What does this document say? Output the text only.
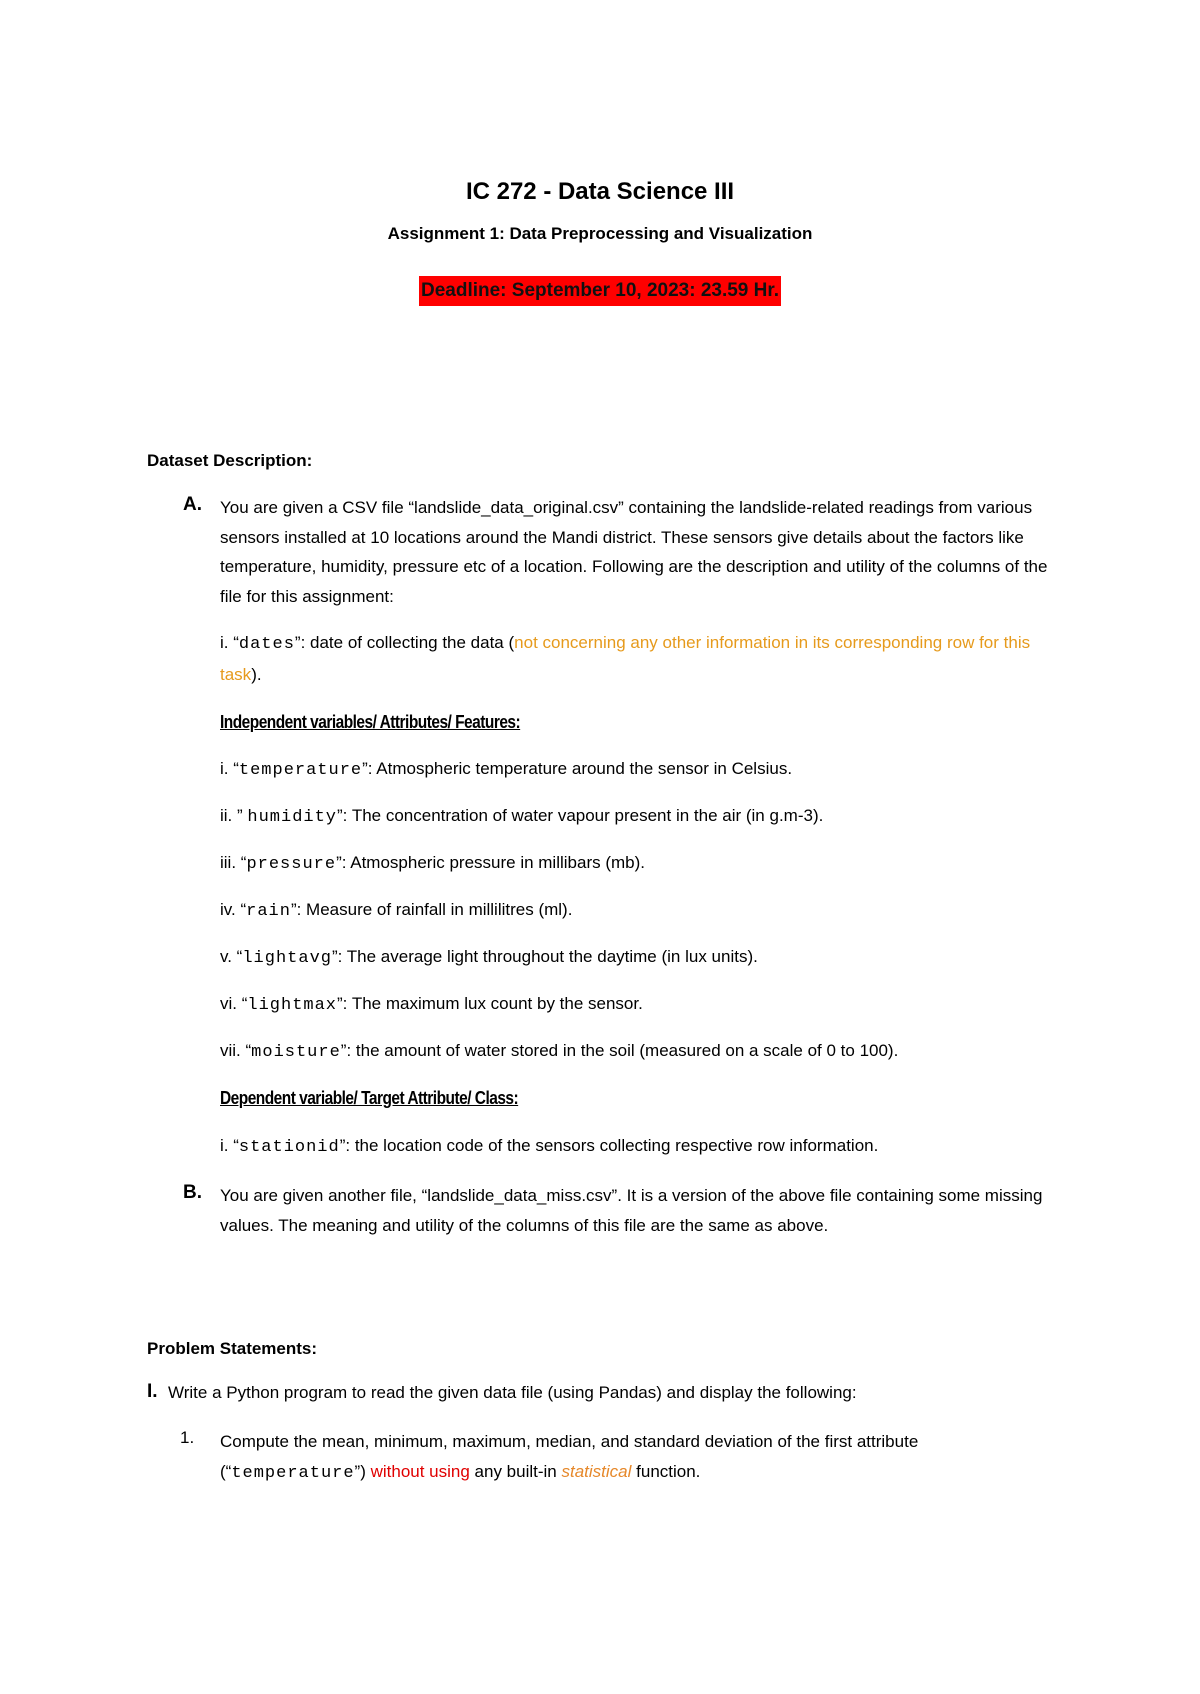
IC 272 - Data Science III
Assignment 1: Data Preprocessing and Visualization
Deadline: September 10, 2023: 23.59 Hr.
Dataset Description:
A. You are given a CSV file “landslide_data_original.csv” containing the landslide-related readings from various sensors installed at 10 locations around the Mandi district. These sensors give details about the factors like temperature, humidity, pressure etc of a location. Following are the description and utility of the columns of the file for this assignment:
i. “dates”: date of collecting the data (not concerning any other information in its corresponding row for this task).
Independent variables/ Attributes/ Features:
i. “temperature”: Atmospheric temperature around the sensor in Celsius.
ii. ” humidity”: The concentration of water vapour present in the air (in g.m-3).
iii. “pressure”: Atmospheric pressure in millibars (mb).
iv. “rain”: Measure of rainfall in millilitres (ml).
v. “lightavg”: The average light throughout the daytime (in lux units).
vi. “lightmax”: The maximum lux count by the sensor.
vii. “moisture”: the amount of water stored in the soil (measured on a scale of 0 to 100).
Dependent variable/ Target Attribute/ Class:
i. “stationid”: the location code of the sensors collecting respective row information.
B. You are given another file, “landslide_data_miss.csv”. It is a version of the above file containing some missing values. The meaning and utility of the columns of this file are the same as above.
Problem Statements:
I. Write a Python program to read the given data file (using Pandas) and display the following:
1. Compute the mean, minimum, maximum, median, and standard deviation of the first attribute (“temperature”) without using any built-in statistical function.
